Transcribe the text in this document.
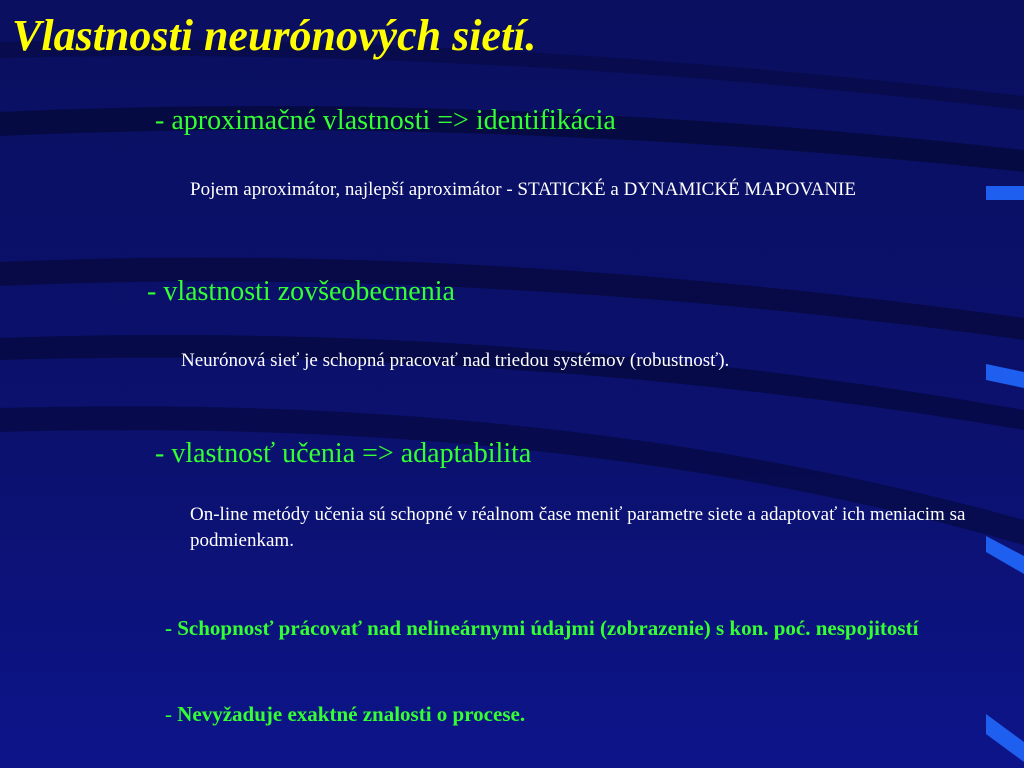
Vlastnosti neurónových sietí.
- aproximačné vlastnosti => identifikácia

Pojem aproximátor, najlepší aproximátor - STATICKÉ a DYNAMICKÉ MAPOVANIE

- vlastnosti zovšeobecnenia

Neurónová sieť je schopná pracovať nad triedou systémov (robustnosť).

- vlastnosť učenia => adaptabilita

On-line metódy učenia sú schopné v réalnom čase meniť parametre siete a adaptovať ich meniacim sa podmienkam.

- Schopnosť prácovať nad nelineárnymi údajmi (zobrazenie) s kon. poć. nespojitostí

- Nevyžaduje exaktné znalosti o procese.
